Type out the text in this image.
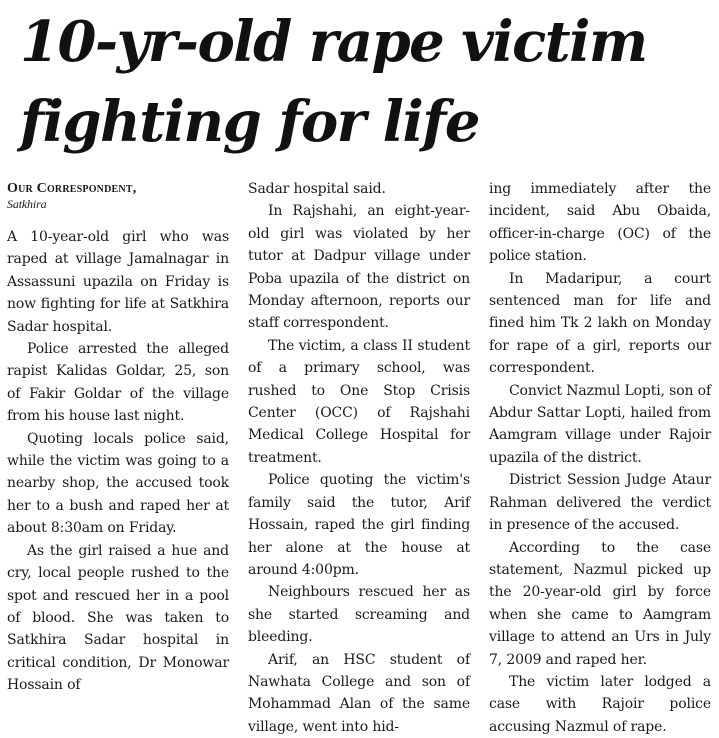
10-yr-old rape victim fighting for life
Our Correspondent,
Satkhira

A 10-year-old girl who was raped at village Jamalnagar in Assassuni upazila on Friday is now fighting for life at Satkhira Sadar hospital.

Police arrested the alleged rapist Kalidas Goldar, 25, son of Fakir Goldar of the village from his house last night.

Quoting locals police said, while the victim was going to a nearby shop, the accused took her to a bush and raped her at about 8:30am on Friday.

As the girl raised a hue and cry, local people rushed to the spot and rescued her in a pool of blood. She was taken to Satkhira Sadar hospital in critical condition, Dr Monowar Hossain of

Sadar hospital said.

In Rajshahi, an eight-year-old girl was violated by her tutor at Dadpur village under Poba upazila of the district on Monday afternoon, reports our staff correspondent.

The victim, a class II student of a primary school, was rushed to One Stop Crisis Center (OCC) of Rajshahi Medical College Hospital for treatment.

Police quoting the victim's family said the tutor, Arif Hossain, raped the girl finding her alone at the house at around 4:00pm.

Neighbours rescued her as she started screaming and bleeding.

Arif, an HSC student of Nawhata College and son of Mohammad Alan of the same village, went into hid-

ing immediately after the incident, said Abu Obaida, officer-in-charge (OC) of the police station.

In Madaripur, a court sentenced man for life and fined him Tk 2 lakh on Monday for rape of a girl, reports our correspondent.

Convict Nazmul Lopti, son of Abdur Sattar Lopti, hailed from Aamgram village under Rajoir upazila of the district.

District Session Judge Ataur Rahman delivered the verdict in presence of the accused.

According to the case statement, Nazmul picked up the 20-year-old girl by force when she came to Aamgram village to attend an Urs in July 7, 2009 and raped her.

The victim later lodged a case with Rajoir police accusing Nazmul of rape.
